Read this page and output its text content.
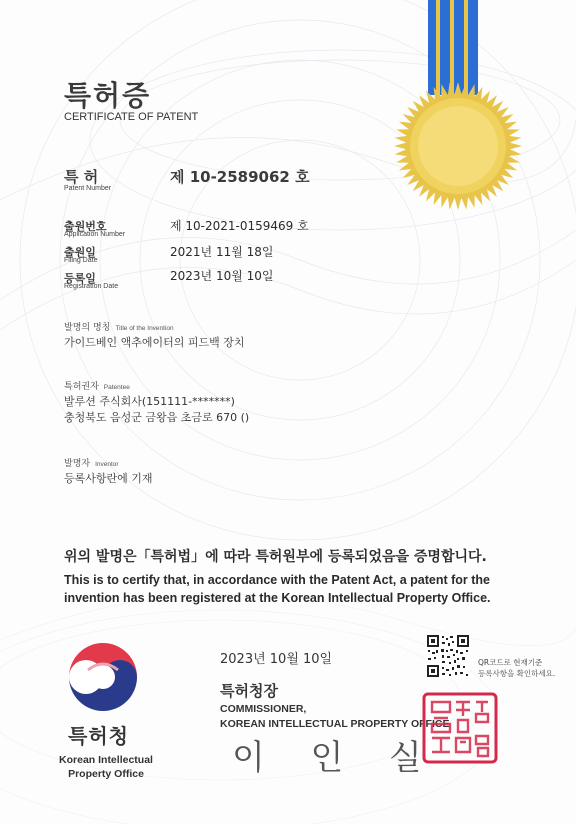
특허증
CERTIFICATE OF PATENT
특 허
Patent Number
제 10-2589062 호
출원번호
Application Number
제 10-2021-0159469 호
출원일
Filing Date
2021년 11월 18일
등록일
Registration Date
2023년 10월 10일
발명의 명칭 Title of the Invention
가이드베인 액추에이터의 피드백 장치
특허권자 Patentee
발루션 주식회사(151111-*******)
충청북도 음성군 금왕읍 초금로 670 ()
발명자 Inventor
등록사항란에 기재
위의 발명은「특허법」에 따라 특허원부에 등록되었음을 증명합니다.
This is to certify that, in accordance with the Patent Act, a patent for the
invention has been registered at the Korean Intellectual Property Office.
특허청
Korean Intellectual
Property Office
2023년 10월 10일
특허청장
COMMISSIONER,
KOREAN INTELLECTUAL PROPERTY OFFICE
이  인  실
QR코드로 현재기준
등록사항을 확인하세요.
